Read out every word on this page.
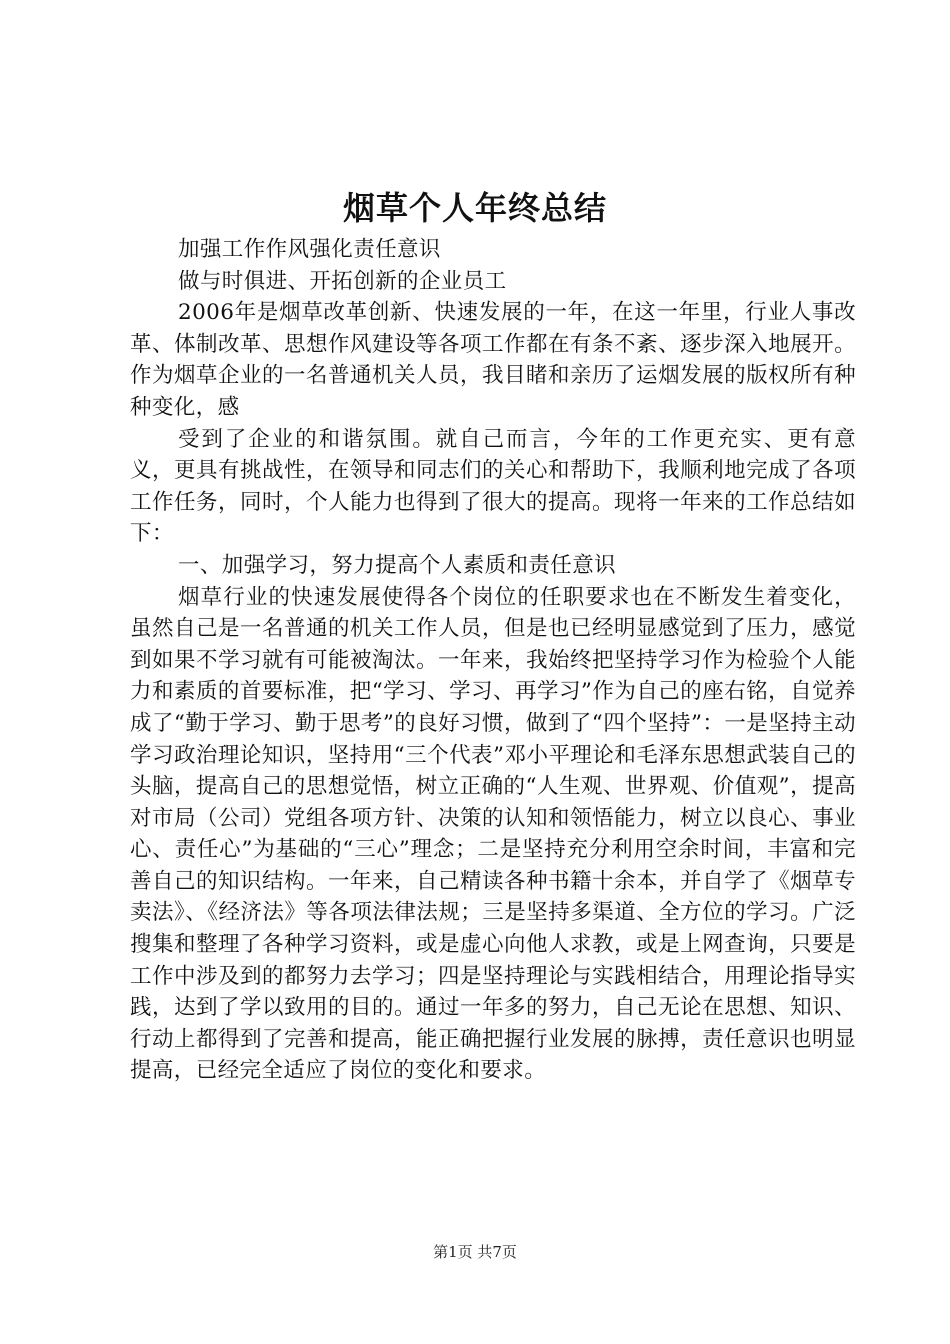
烟草个人年终总结

加强工作作风强化责任意识

做与时俱进、开拓创新的企业员工

2006年是烟草改革创新、快速发展的一年，在这一年里，行业人事改革、体制改革、思想作风建设等各项工作都在有条不紊、逐步深入地展开。作为烟草企业的一名普通机关人员，我目睹和亲历了运烟发展的版权所有种种变化，感

受到了企业的和谐氛围。就自己而言，今年的工作更充实、更有意义，更具有挑战性，在领导和同志们的关心和帮助下，我顺利地完成了各项工作任务，同时，个人能力也得到了很大的提高。现将一年来的工作总结如下：

一、加强学习，努力提高个人素质和责任意识

烟草行业的快速发展使得各个岗位的任职要求也在不断发生着变化，虽然自己是一名普通的机关工作人员，但是也已经明显感觉到了压力，感觉到如果不学习就有可能被淘汰。一年来，我始终把坚持学习作为检验个人能力和素质的首要标准，把“学习、学习、再学习”作为自己的座右铭，自觉养成了“勤于学习、勤于思考”的良好习惯，做到了“四个坚持”：一是坚持主动学习政治理论知识，坚持用“三个代表”邓小平理论和毛泽东思想武装自己的头脑，提高自己的思想觉悟，树立正确的“人生观、世界观、价值观”，提高对市局（公司）党组各项方针、决策的认知和领悟能力，树立以良心、事业心、责任心”为基础的“三心”理念；二是坚持充分利用空余时间，丰富和完善自己的知识结构。一年来，自己精读各种书籍十余本，并自学了《烟草专卖法》、《经济法》等各项法律法规；三是坚持多渠道、全方位的学习。广泛搜集和整理了各种学习资料，或是虚心向他人求教，或是上网查询，只要是工作中涉及到的都努力去学习；四是坚持理论与实践相结合，用理论指导实践，达到了学以致用的目的。通过一年多的努力，自己无论在思想、知识、行动上都得到了完善和提高，能正确把握行业发展的脉搏，责任意识也明显提高，已经完全适应了岗位的变化和要求。

第1页 共7页
